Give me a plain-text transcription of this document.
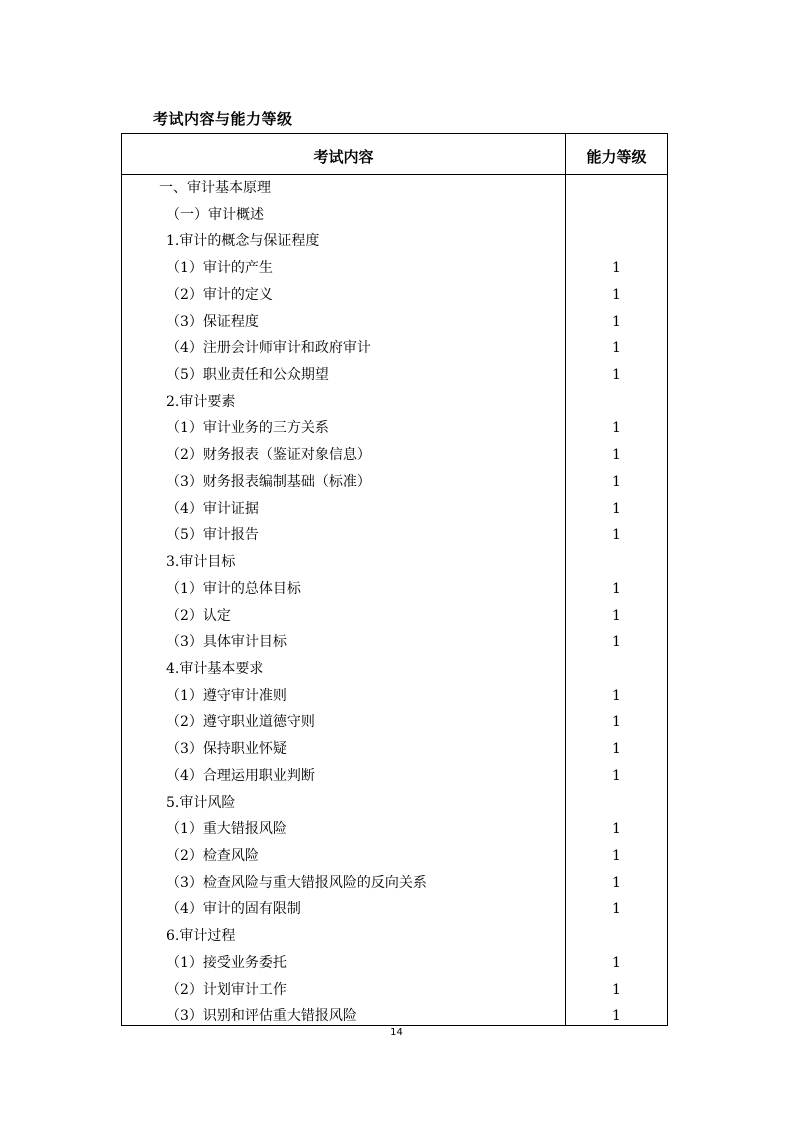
考试内容与能力等级
考试内容	能力等级
一、审计基本原理
（一）审计概述
1.审计的概念与保证程度
（1）审计的产生	1
（2）审计的定义	1
（3）保证程度	1
（4）注册会计师审计和政府审计	1
（5）职业责任和公众期望	1
2.审计要素
（1）审计业务的三方关系	1
（2）财务报表（鉴证对象信息）	1
（3）财务报表编制基础（标准）	1
（4）审计证据	1
（5）审计报告	1
3.审计目标
（1）审计的总体目标	1
（2）认定	1
（3）具体审计目标	1
4.审计基本要求
（1）遵守审计准则	1
（2）遵守职业道德守则	1
（3）保持职业怀疑	1
（4）合理运用职业判断	1
5.审计风险
（1）重大错报风险	1
（2）检查风险	1
（3）检查风险与重大错报风险的反向关系	1
（4）审计的固有限制	1
6.审计过程
（1）接受业务委托	1
（2）计划审计工作	1
（3）识别和评估重大错报风险	1
14
